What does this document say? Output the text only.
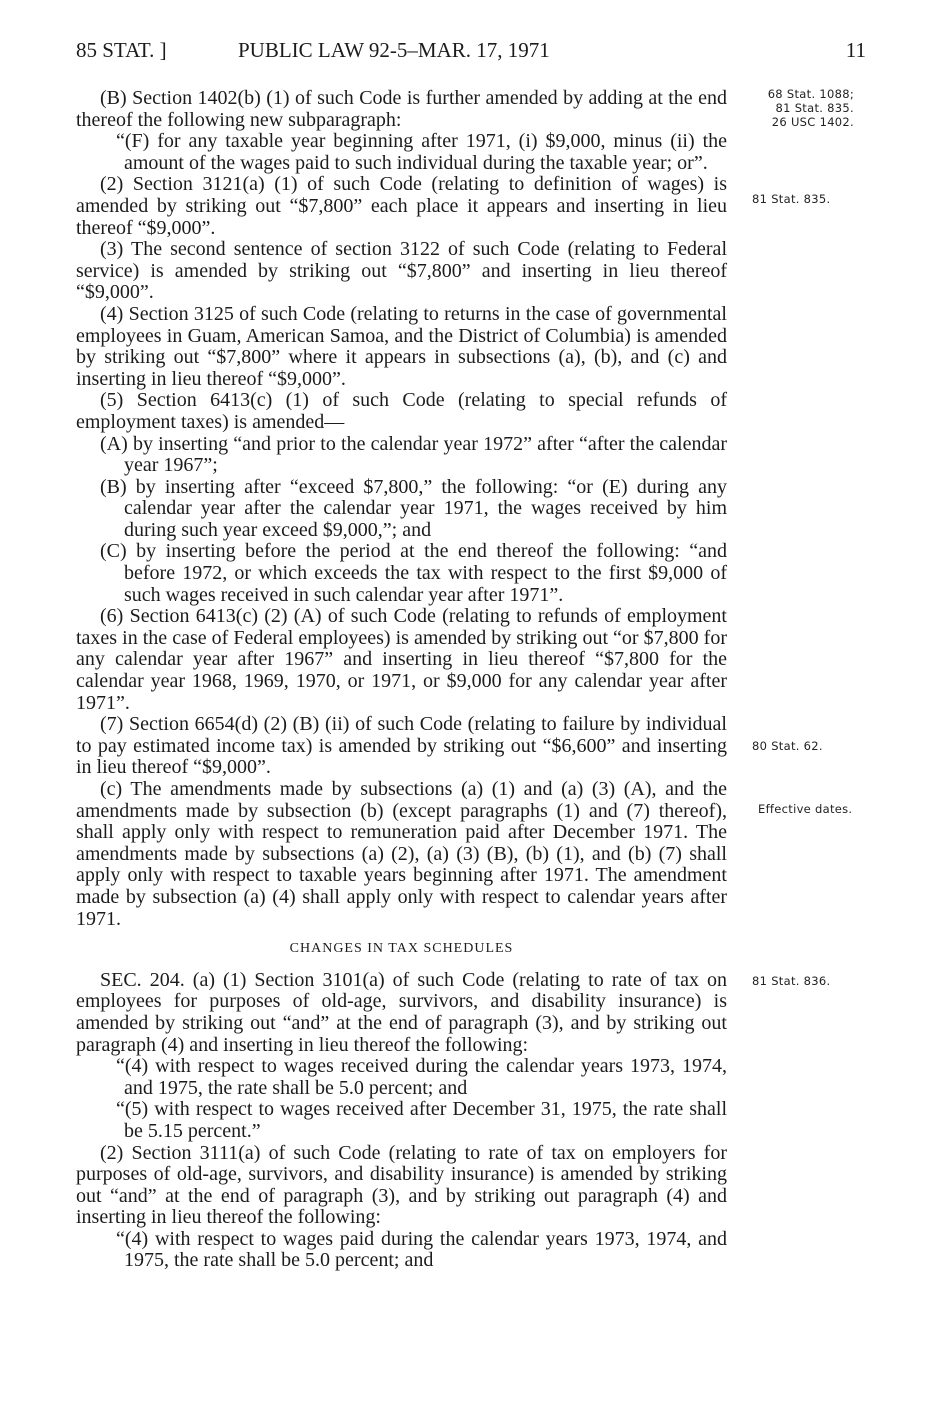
85 STAT. ]	PUBLIC LAW 92-5–MAR. 17, 1971	11

(B) Section 1402(b) (1) of such Code is further amended by adding at the end thereof the following new subparagraph:

“(F) for any taxable year beginning after 1971, (i) $9,000, minus (ii) the amount of the wages paid to such individual during the taxable year; or”.

(2) Section 3121(a) (1) of such Code (relating to definition of wages) is amended by striking out “$7,800” each place it appears and inserting in lieu thereof “$9,000”.

(3) The second sentence of section 3122 of such Code (relating to Federal service) is amended by striking out “$7,800” and inserting in lieu thereof “$9,000”.

(4) Section 3125 of such Code (relating to returns in the case of governmental employees in Guam, American Samoa, and the District of Columbia) is amended by striking out “$7,800” where it appears in subsections (a), (b), and (c) and inserting in lieu thereof “$9,000”.

(5) Section 6413(c) (1) of such Code (relating to special refunds of employment taxes) is amended—

(A) by inserting “and prior to the calendar year 1972” after “after the calendar year 1967”;

(B) by inserting after “exceed $7,800,” the following: “or (E) during any calendar year after the calendar year 1971, the wages received by him during such year exceed $9,000,”; and

(C) by inserting before the period at the end thereof the following: “and before 1972, or which exceeds the tax with respect to the first $9,000 of such wages received in such calendar year after 1971”.

(6) Section 6413(c) (2) (A) of such Code (relating to refunds of employment taxes in the case of Federal employees) is amended by striking out “or $7,800 for any calendar year after 1967” and inserting in lieu thereof “$7,800 for the calendar year 1968, 1969, 1970, or 1971, or $9,000 for any calendar year after 1971”.

(7) Section 6654(d) (2) (B) (ii) of such Code (relating to failure by individual to pay estimated income tax) is amended by striking out “$6,600” and inserting in lieu thereof “$9,000”.

(c) The amendments made by subsections (a) (1) and (a) (3) (A), and the amendments made by subsection (b) (except paragraphs (1) and (7) thereof), shall apply only with respect to remuneration paid after December 1971. The amendments made by subsections (a) (2), (a) (3) (B), (b) (1), and (b) (7) shall apply only with respect to taxable years beginning after 1971. The amendment made by subsection (a) (4) shall apply only with respect to calendar years after 1971.

CHANGES IN TAX SCHEDULES

SEC. 204. (a) (1) Section 3101(a) of such Code (relating to rate of tax on employees for purposes of old-age, survivors, and disability insurance) is amended by striking out “and” at the end of paragraph (3), and by striking out paragraph (4) and inserting in lieu thereof the following:

“(4) with respect to wages received during the calendar years 1973, 1974, and 1975, the rate shall be 5.0 percent; and

“(5) with respect to wages received after December 31, 1975, the rate shall be 5.15 percent.”

(2) Section 3111(a) of such Code (relating to rate of tax on employers for purposes of old-age, survivors, and disability insurance) is amended by striking out “and” at the end of paragraph (3), and by striking out paragraph (4) and inserting in lieu thereof the following:

“(4) with respect to wages paid during the calendar years 1973, 1974, and 1975, the rate shall be 5.0 percent; and

68 Stat. 1088;
81 Stat. 835.
26 USC 1402.
81 Stat. 835.
80 Stat. 62.
Effective dates.
81 Stat. 836.
